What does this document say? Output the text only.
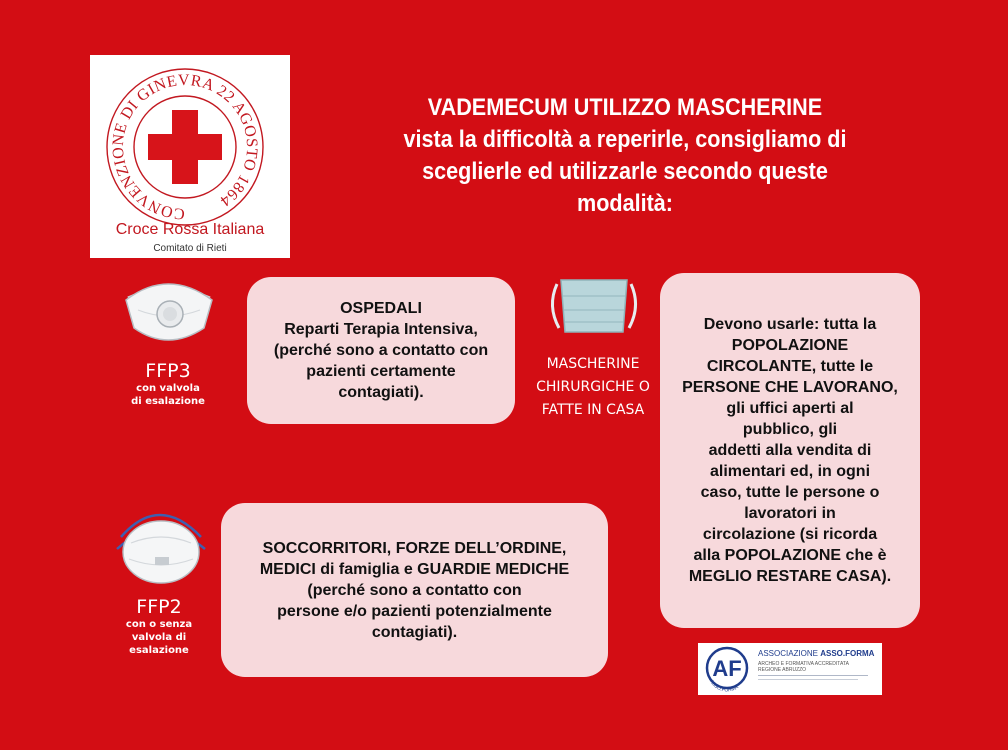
CONVENZIONE DI GINEVRA 22 AGOSTO 1864
Croce Rossa Italiana
Comitato di Rieti
VADEMECUM UTILIZZO MASCHERINE
vista la difficoltà a reperirle, consigliamo di
sceglierle ed utilizzarle secondo queste
modalità:
FFP3
con valvola
di esalazione
OSPEDALI
Reparti Terapia Intensiva,
(perché sono a contatto con
pazienti certamente
contagiati).
MASCHERINE
CHIRURGICHE O
FATTE IN CASA
Devono usarle: tutta la
POPOLAZIONE
CIRCOLANTE, tutte le
PERSONE CHE LAVORANO,
gli uffici aperti al
pubblico, gli
addetti alla vendita di
alimentari ed, in ogni
caso, tutte le persone o
lavoratori in
circolazione (si ricorda
alla POPOLAZIONE che è
MEGLIO RESTARE CASA).
FFP2
con o senza
valvola di
esalazione
SOCCORRITORI, FORZE DELL’ORDINE,
MEDICI di famiglia e GUARDIE MEDICHE
(perché sono a contatto con
persone e/o pazienti potenzialmente
contagiati).
AF
ASSO.FORMA
ASSOCIAZIONE ASSO.FORMA
ARCHEO E FORMATIVA ACCREDITATA
REGIONE ABRUZZO
